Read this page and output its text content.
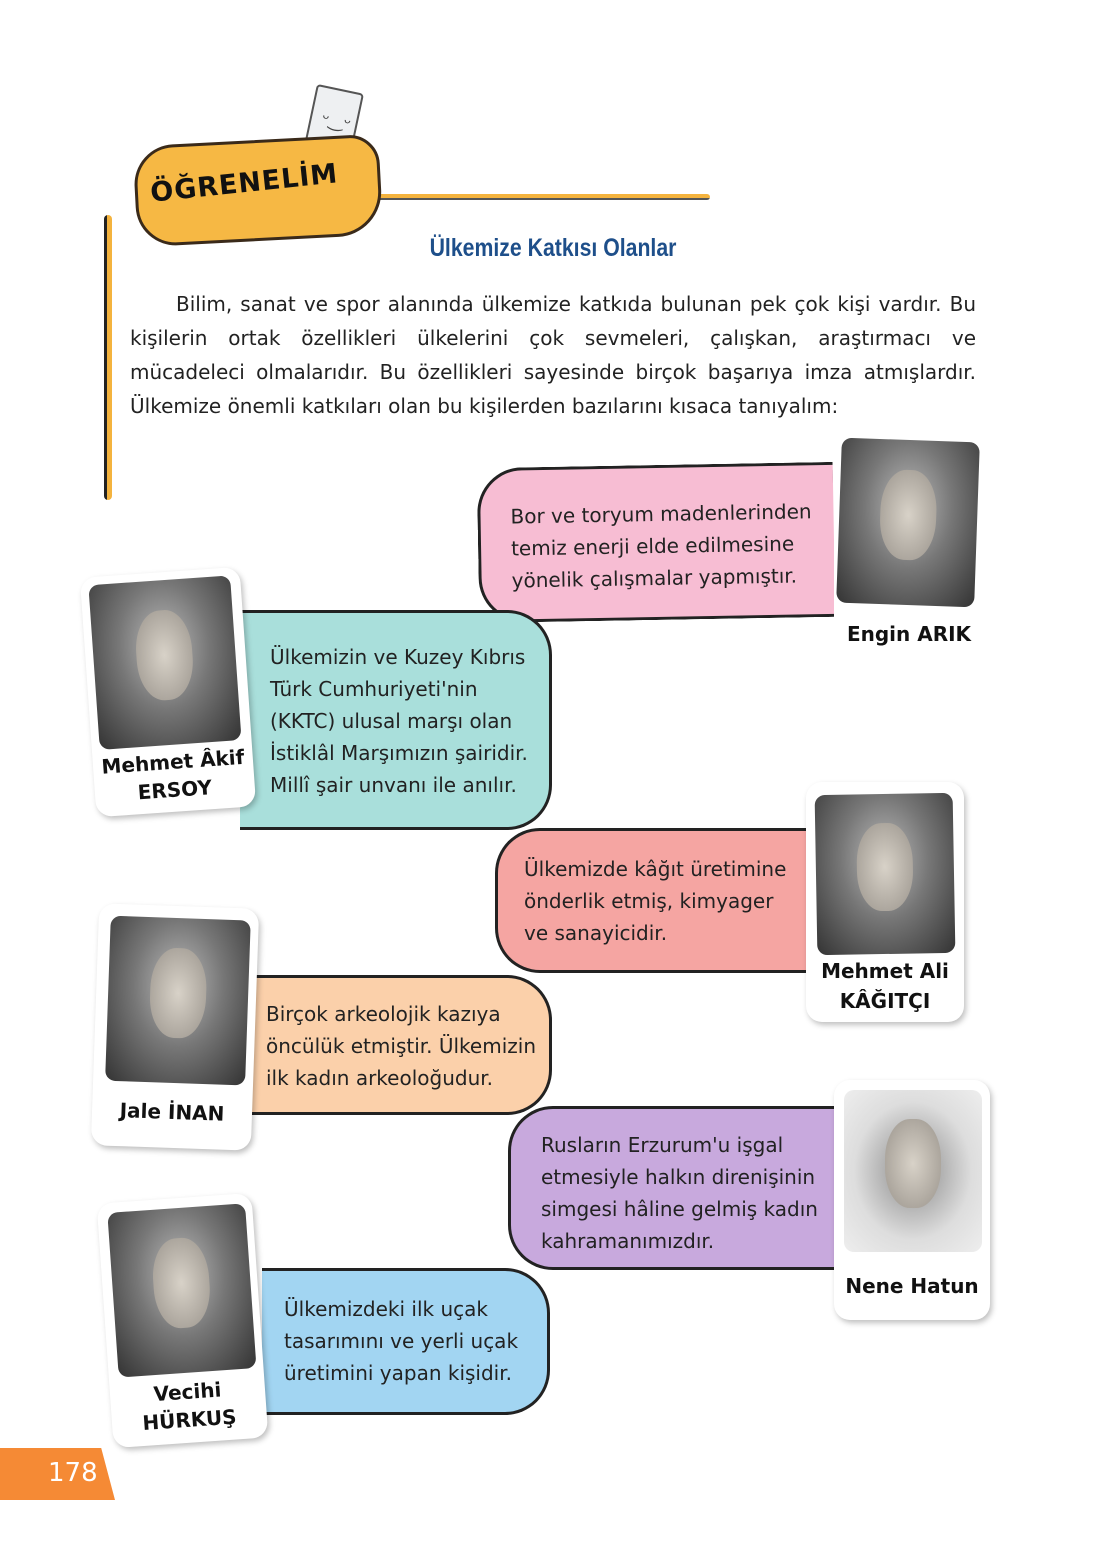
ᵕ‿ᵕ
ÖĞRENELİM
Ülkemize Katkısı Olanlar
Bilim, sanat ve spor alanında ülkemize katkıda bulunan pek çok kişi vardır. Bu kişilerin ortak özellikleri ülkelerini çok sevmeleri, çalışkan, araştırmacı ve mücadeleci olmalarıdır. Bu özellikleri sayesinde birçok başarıya imza atmışlardır. Ülkemize önemli katkıları olan bu kişilerden bazılarını kısaca tanıyalım:
Bor ve toryum madenlerinden temiz enerji elde edilmesine yönelik çalışmalar yapmıştır.
Engin ARIK
Ülkemizin ve Kuzey Kıbrıs Türk Cumhuriyeti'nin (KKTC) ulusal marşı olan İstiklâl Marşımızın şairidir. Millî şair unvanı ile anılır.
Mehmet Âkif
ERSOY
Ülkemizde kâğıt üretimine önderlik etmiş, kimyager ve sanayicidir.
Mehmet Ali
KÂĞITÇI
Birçok arkeolojik kazıya öncülük etmiştir. Ülkemizin ilk kadın arkeoloğudur.
Jale İNAN
Rusların Erzurum'u işgal etmesiyle halkın direnişinin simgesi hâline gelmiş kadın kahramanımızdır.
Nene Hatun
Ülkemizdeki ilk uçak tasarımını ve yerli uçak üretimini yapan kişidir.
Vecihi
HÜRKUŞ
178
